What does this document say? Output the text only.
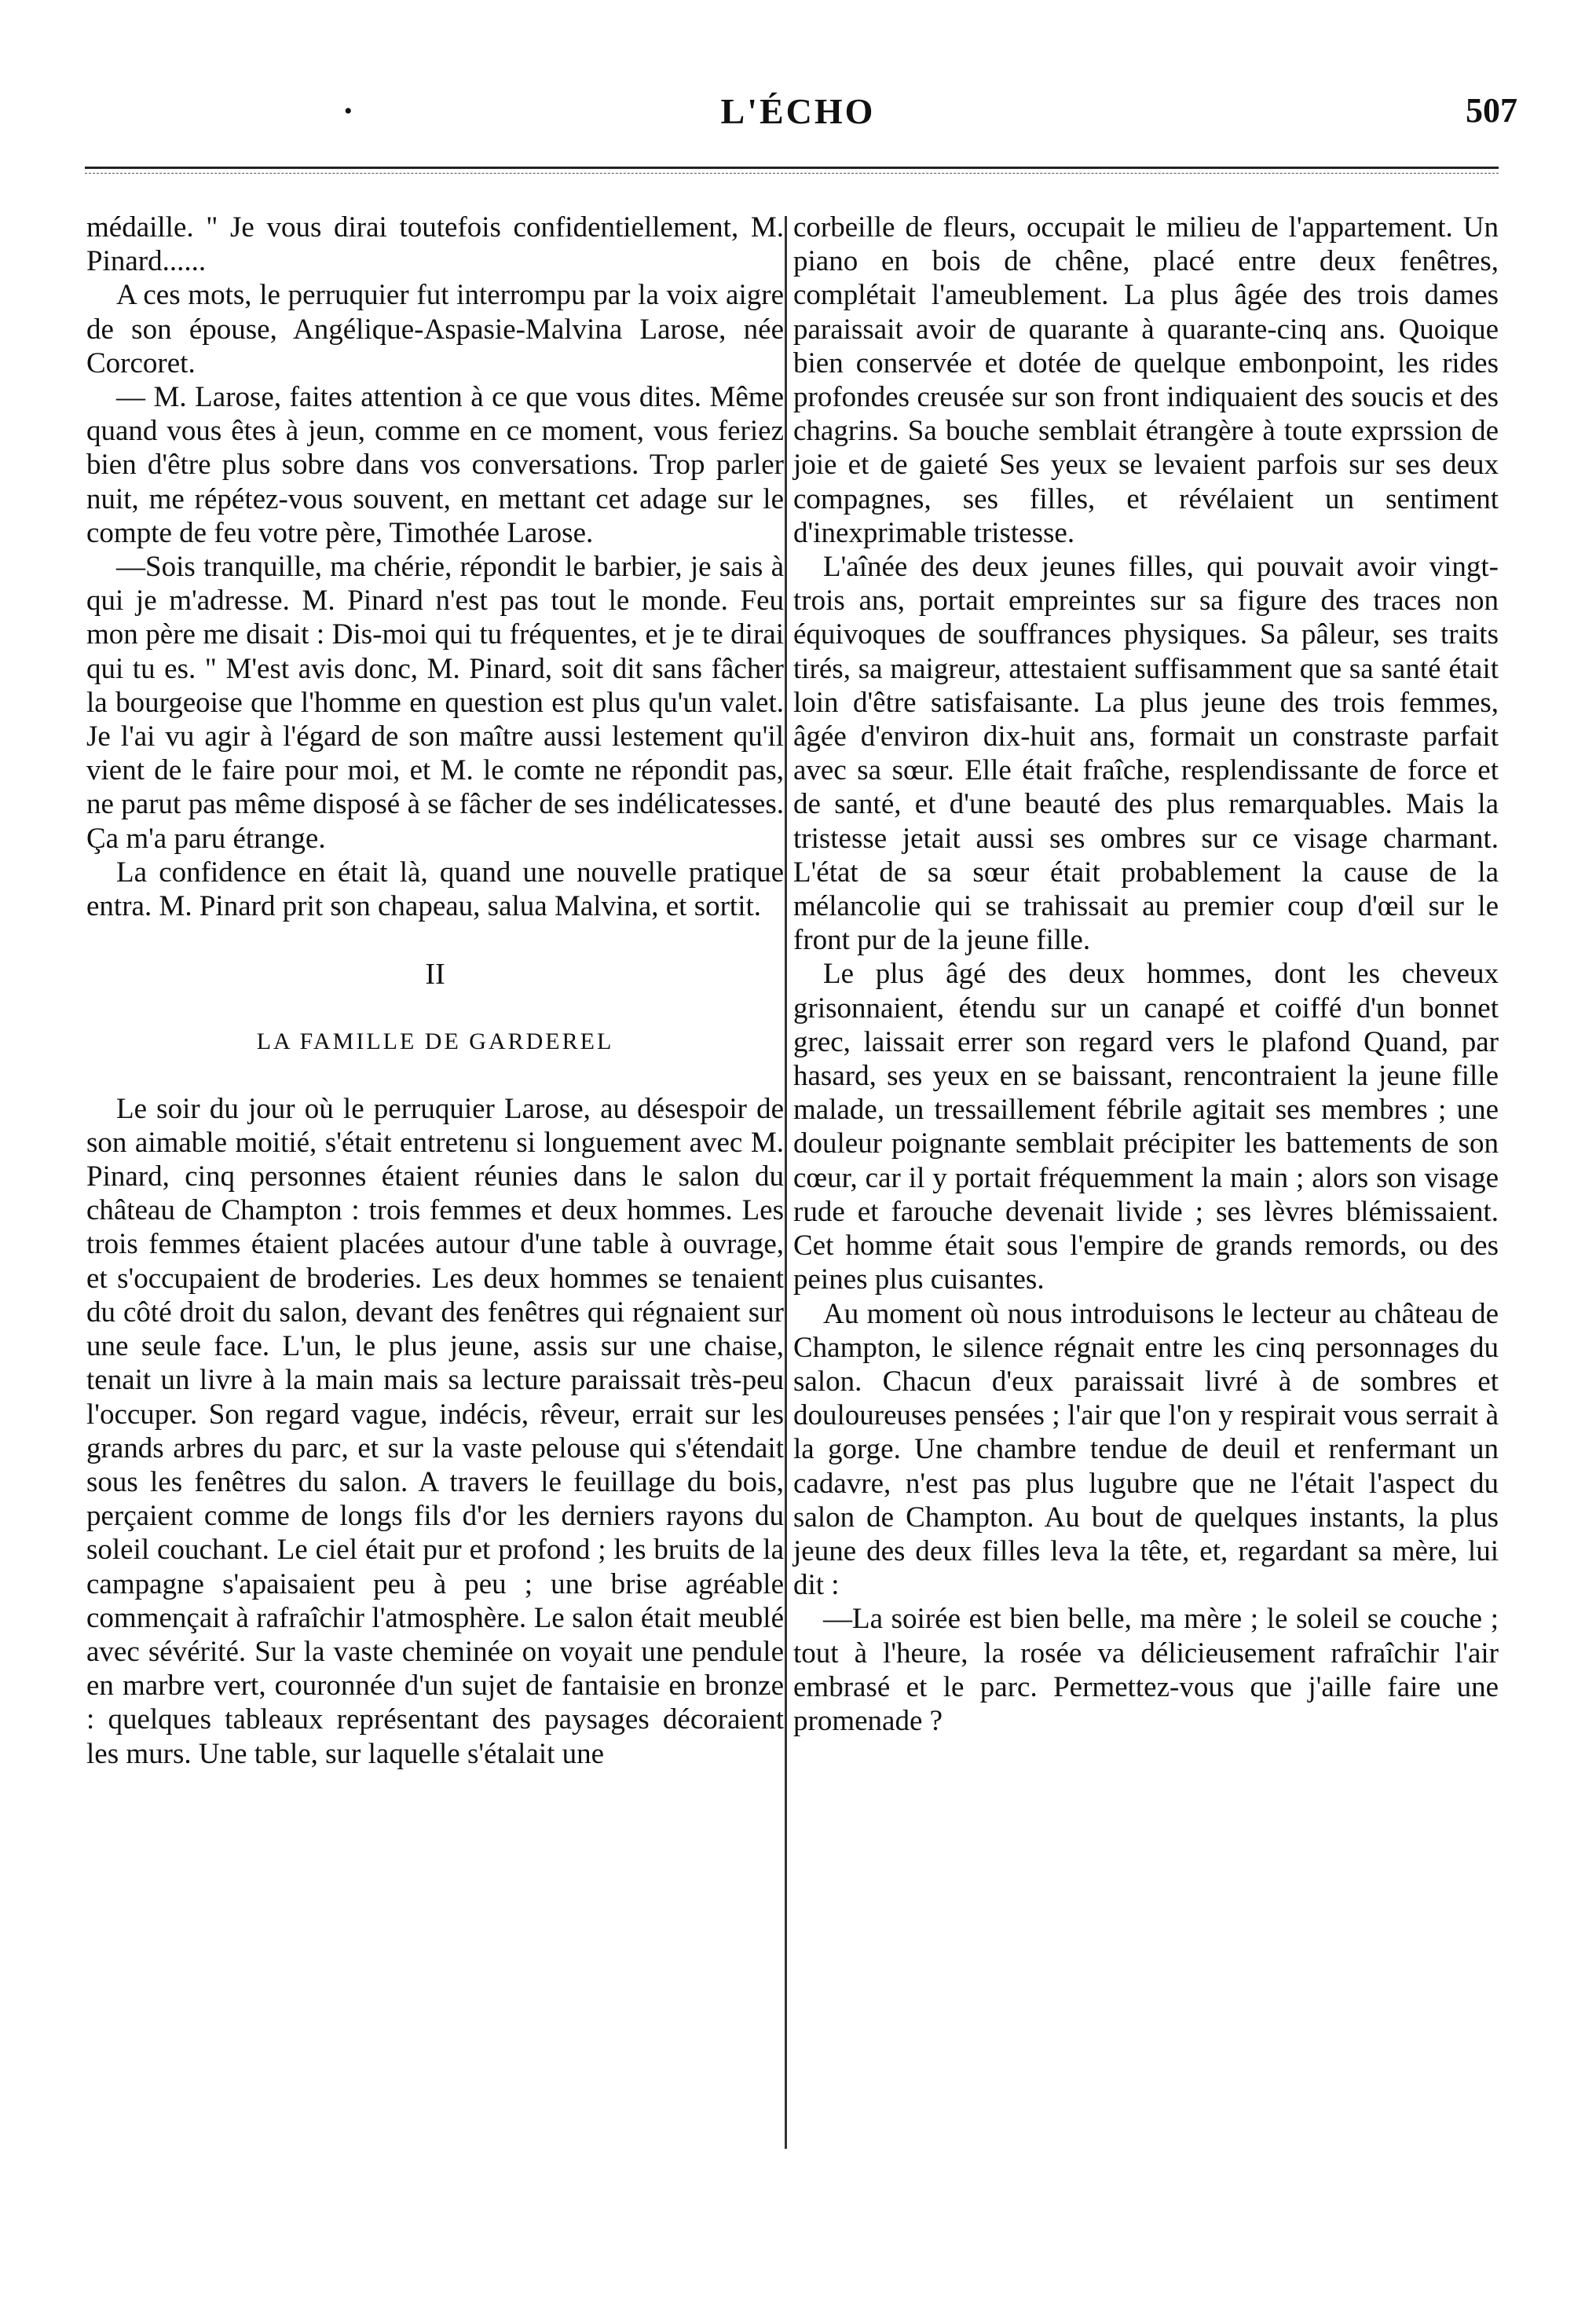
•	L'ÉCHO	507

médaille. " Je vous dirai toutefois confidentiellement, M. Pinard......

A ces mots, le perruquier fut interrompu par la voix aigre de son épouse, Angélique-Aspasie-Malvina Larose, née Corcoret.

— M. Larose, faites attention à ce que vous dites. Même quand vous êtes à jeun, comme en ce moment, vous feriez bien d'être plus sobre dans vos conversations. Trop parler nuit, me répétez-vous souvent, en mettant cet adage sur le compte de feu votre père, Timothée Larose.

—Sois tranquille, ma chérie, répondit le barbier, je sais à qui je m'adresse. M. Pinard n'est pas tout le monde. Feu mon père me disait : Dis-moi qui tu fréquentes, et je te dirai qui tu es. " M'est avis donc, M. Pinard, soit dit sans fâcher la bourgeoise que l'homme en question est plus qu'un valet. Je l'ai vu agir à l'égard de son maître aussi lestement qu'il vient de le faire pour moi, et M. le comte ne répondit pas, ne parut pas même disposé à se fâcher de ses indélicatesses. Ça m'a paru étrange.

La confidence en était là, quand une nouvelle pratique entra. M. Pinard prit son chapeau, salua Malvina, et sortit.

II
LA FAMILLE DE GARDEREL

Le soir du jour où le perruquier Larose, au désespoir de son aimable moitié, s'était entretenu si longuement avec M. Pinard, cinq personnes étaient réunies dans le salon du château de Champton : trois femmes et deux hommes. Les trois femmes étaient placées autour d'une table à ouvrage, et s'occupaient de broderies. Les deux hommes se tenaient du côté droit du salon, devant des fenêtres qui régnaient sur une seule face. L'un, le plus jeune, assis sur une chaise, tenait un livre à la main mais sa lecture paraissait très-peu l'occuper. Son regard vague, indécis, rêveur, errait sur les grands arbres du parc, et sur la vaste pelouse qui s'étendait sous les fenêtres du salon. A travers le feuillage du bois, perçaient comme de longs fils d'or les derniers rayons du soleil couchant. Le ciel était pur et profond ; les bruits de la campagne s'apaisaient peu à peu ; une brise agréable commençait à rafraîchir l'atmosphère. Le salon était meublé avec sévérité. Sur la vaste cheminée on voyait une pendule en marbre vert, couronnée d'un sujet de fantaisie en bronze : quelques tableaux représentant des paysages décoraient les murs. Une table, sur laquelle s'étalait une

corbeille de fleurs, occupait le milieu de l'appartement. Un piano en bois de chêne, placé entre deux fenêtres, complétait l'ameublement. La plus âgée des trois dames paraissait avoir de quarante à quarante-cinq ans. Quoique bien conservée et dotée de quelque embonpoint, les rides profondes creusée sur son front indiquaient des soucis et des chagrins. Sa bouche semblait étrangère à toute exprssion de joie et de gaieté Ses yeux se levaient parfois sur ses deux compagnes, ses filles, et révélaient un sentiment d'inexprimable tristesse.

L'aînée des deux jeunes filles, qui pouvait avoir vingt-trois ans, portait empreintes sur sa figure des traces non équivoques de souffrances physiques. Sa pâleur, ses traits tirés, sa maigreur, attestaient suffisamment que sa santé était loin d'être satisfaisante. La plus jeune des trois femmes, âgée d'environ dix-huit ans, formait un constraste parfait avec sa sœur. Elle était fraîche, resplendissante de force et de santé, et d'une beauté des plus remarquables. Mais la tristesse jetait aussi ses ombres sur ce visage charmant. L'état de sa sœur était probablement la cause de la mélancolie qui se trahissait au premier coup d'œil sur le front pur de la jeune fille.

Le plus âgé des deux hommes, dont les cheveux grisonnaient, étendu sur un canapé et coiffé d'un bonnet grec, laissait errer son regard vers le plafond Quand, par hasard, ses yeux en se baissant, rencontraient la jeune fille malade, un tressaillement fébrile agitait ses membres ; une douleur poignante semblait précipiter les battements de son cœur, car il y portait fréquemment la main ; alors son visage rude et farouche devenait livide ; ses lèvres blémissaient. Cet homme était sous l'empire de grands remords, ou des peines plus cuisantes.

Au moment où nous introduisons le lecteur au château de Champton, le silence régnait entre les cinq personnages du salon. Chacun d'eux paraissait livré à de sombres et douloureuses pensées ; l'air que l'on y respirait vous serrait à la gorge. Une chambre tendue de deuil et renfermant un cadavre, n'est pas plus lugubre que ne l'était l'aspect du salon de Champton. Au bout de quelques instants, la plus jeune des deux filles leva la tête, et, regardant sa mère, lui dit :

—La soirée est bien belle, ma mère ; le soleil se couche ; tout à l'heure, la rosée va délicieusement rafraîchir l'air embrasé et le parc. Permettez-vous que j'aille faire une promenade ?
